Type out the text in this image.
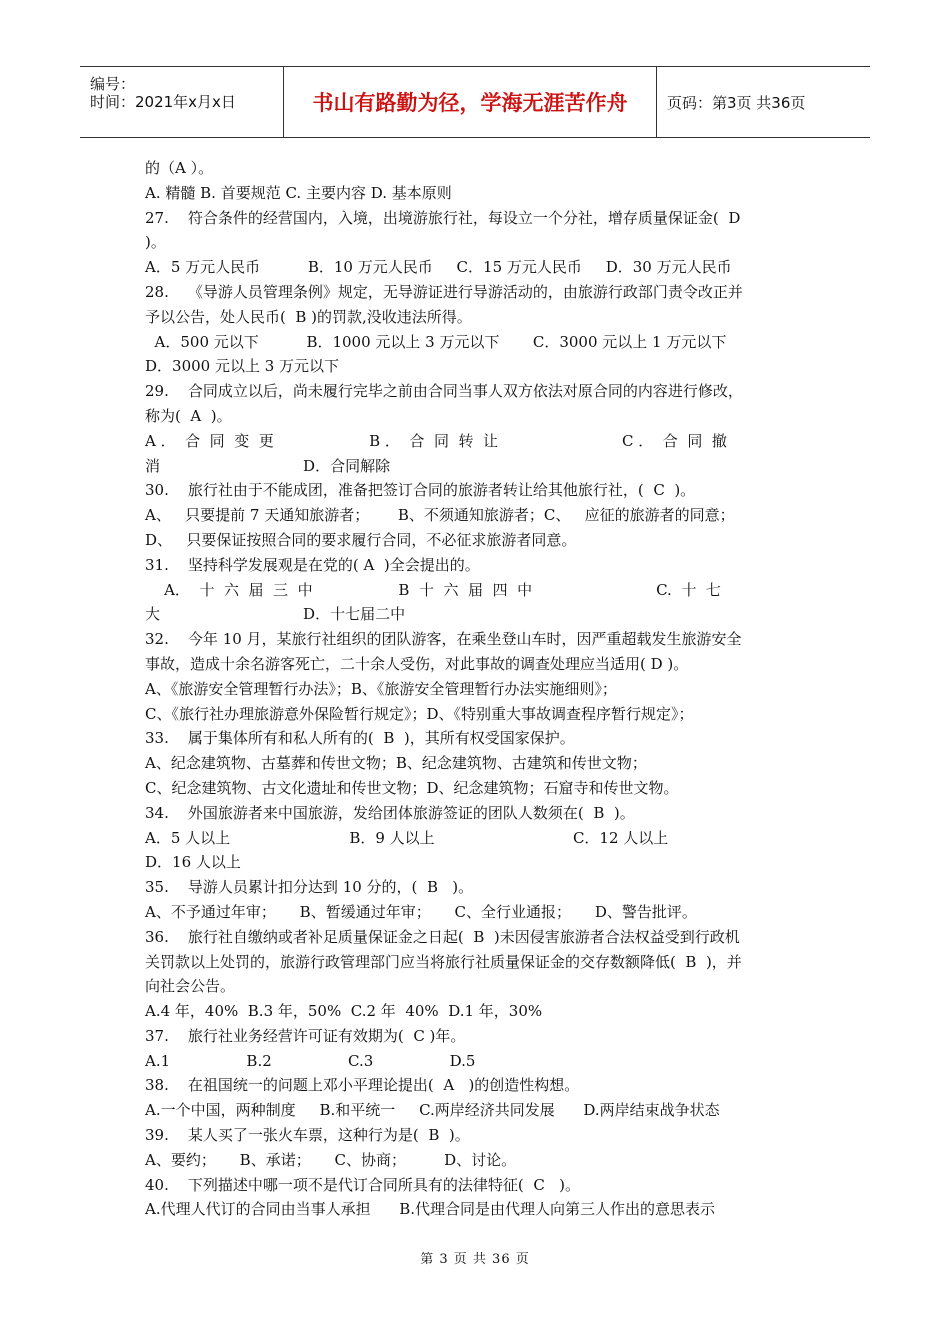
编号：
时间：2021年x月x日	书山有路勤为径，学海无涯苦作舟	页码：第3页 共36页
的（A ）。
A. 精髓 B. 首要规范 C. 主要内容 D. 基本原则
27.    符合条件的经营国内，入境，出境游旅行社，每设立一个分社，增存质量保证金(  D
)。
A．5 万元人民币          B．10 万元人民币     C．15 万元人民币     D．30 万元人民币
28.    《导游人员管理条例》规定，无导游证进行导游活动的，由旅游行政部门责令改正并
予以公告，处人民币(  B )的罚款,没收违法所得。
A．500 元以下          B．1000 元以上 3 万元以下       C．3000 元以上 1 万元以下
D．3000 元以上 3 万元以下
29.    合同成立以后，尚未履行完毕之前由合同当事人双方依法对原合同的内容进行修改，
称为(  A  )。
A ．  合  同  变  更                    B ．  合  同  转  让                          C ．  合  同  撤
消                              D．合同解除
30.    旅行社由于不能成团，准备把签订合同的旅游者转让给其他旅行社，(  C  )。
A、   只要提前 7 天通知旅游者；      B、不须通知旅游者；C、   应征的旅游者的同意；
D、   只要保证按照合同的要求履行合同，不必征求旅游者同意。
31.    坚持科学发展观是在党的( A  )全会提出的。
A．  十  六  届  三  中                  B  十  六  届  四  中                          C.  十  七
大                              D．十七届二中
32.    今年 10 月，某旅行社组织的团队游客，在乘坐登山车时，因严重超载发生旅游安全
事故，造成十余名游客死亡，二十余人受伤，对此事故的调查处理应当适用( D )。
A、《旅游安全管理暂行办法》；B、《旅游安全管理暂行办法实施细则》；
C、《旅行社办理旅游意外保险暂行规定》；D、《特别重大事故调查程序暂行规定》；
33.    属于集体所有和私人所有的(  B  )，其所有权受国家保护。
A、纪念建筑物、古墓葬和传世文物；B、纪念建筑物、古建筑和传世文物；
C、纪念建筑物、古文化遗址和传世文物；D、纪念建筑物；石窟寺和传世文物。
34.    外国旅游者来中国旅游，发给团体旅游签证的团队人数须在(  B  )。
A．5 人以上                         B．9 人以上                             C．12 人以上
D．16 人以上
35.    导游人员累计扣分达到 10 分的，(  B   )。
A、不予通过年审；     B、暂缓通过年审；     C、全行业通报；     D、警告批评。
36.    旅行社自缴纳或者补足质量保证金之日起(  B  )未因侵害旅游者合法权益受到行政机
关罚款以上处罚的，旅游行政管理部门应当将旅行社质量保证金的交存数额降低(  B  )，并
向社会公告。
A.4 年，40%  B.3 年，50%  C.2 年  40%  D.1 年，30%
37.    旅行社业务经营许可证有效期为(  C )年。
A.1                B.2                C.3                D.5
38.    在祖国统一的问题上邓小平理论提出(  A   )的创造性构想。
A.一个中国，两种制度     B.和平统一     C.两岸经济共同发展      D.两岸结束战争状态
39.    某人买了一张火车票，这种行为是(  B  )。
A、要约；     B、承诺；     C、协商；        D、讨论。
40.    下列描述中哪一项不是代订合同所具有的法律特征(  C   )。
A.代理人代订的合同由当事人承担      B.代理合同是由代理人向第三人作出的意思表示
第 3 页 共 36 页
